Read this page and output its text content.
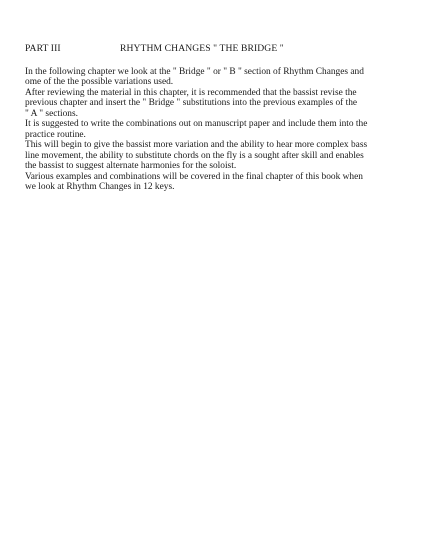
PART III	RHYTHM CHANGES " THE BRIDGE "
In the following chapter we look at the " Bridge " or " B " section of Rhythm Changes and
ome of the the possible variations used.
After reviewing the material in this chapter, it is recommended that the bassist revise the
previous chapter and insert the " Bridge " substitutions into the previous examples of the
" A " sections.
It is suggested to write the combinations out on manuscript paper and include them into the
practice routine.
This will begin to give the bassist more variation and the ability to hear more complex bass
line movement, the ability to substitute chords on the fly is a sought after skill and enables
the bassist to suggest alternate harmonies for the soloist.
Various examples and combinations will be covered in the final chapter of this book when
we look at Rhythm Changes in 12 keys.
